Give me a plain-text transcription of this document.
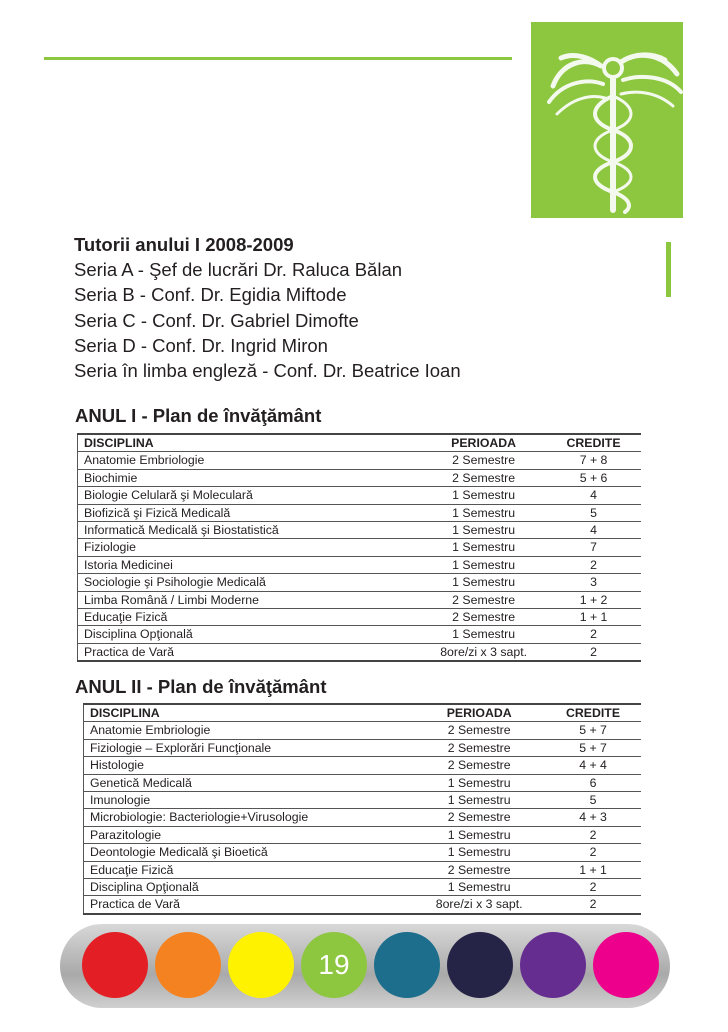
Tutorii anului I 2008-2009
Seria A - Şef de lucrări Dr. Raluca Bălan
Seria B - Conf. Dr. Egidia Miftode
Seria C - Conf. Dr. Gabriel Dimofte
Seria D - Conf. Dr. Ingrid Miron
Seria în limba engleză - Conf. Dr. Beatrice Ioan
ANUL I - Plan de învăţământ
DISCIPLINA	PERIOADA	CREDITE
Anatomie Embriologie	2 Semestre	7 + 8
Biochimie	2 Semestre	5 + 6
Biologie Celulară şi Moleculară	1 Semestru	4
Biofizică şi Fizică Medicală	1 Semestru	5
Informatică Medicală şi Biostatistică	1 Semestru	4
Fiziologie	1 Semestru	7
Istoria Medicinei	1 Semestru	2
Sociologie şi Psihologie Medicală	1 Semestru	3
Limba Română / Limbi Moderne	2 Semestre	1 + 2
Educaţie Fizică	2 Semestre	1 + 1
Disciplina Opţională	1 Semestru	2
Practica de Vară	8ore/zi x 3 sapt.	2
ANUL II - Plan de învăţământ
DISCIPLINA	PERIOADA	CREDITE
Anatomie Embriologie	2 Semestre	5 + 7
Fiziologie – Explorări Funcţionale	2 Semestre	5 + 7
Histologie	2 Semestre	4 + 4
Genetică Medicală	1 Semestru	6
Imunologie	1 Semestru	5
Microbiologie: Bacteriologie+Virusologie	2 Semestre	4 + 3
Parazitologie	1 Semestru	2
Deontologie Medicală şi Bioetică	1 Semestru	2
Educaţie Fizică	2 Semestre	1 + 1
Disciplina Opţională	1 Semestru	2
Practica de Vară	8ore/zi x 3 sapt.	2
19
